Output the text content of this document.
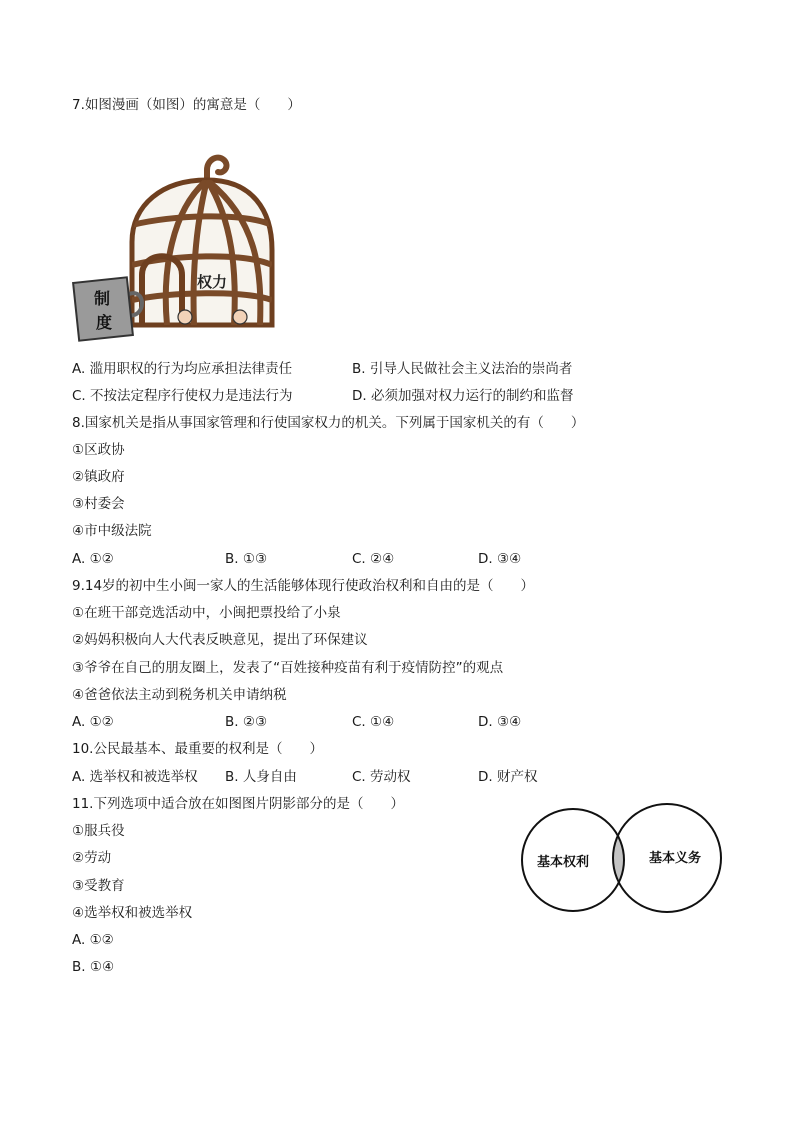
7.如图漫画（如图）的寓意是（　　）
权力
制
度
A. 滥用职权的行为均应承担法律责任	B. 引导人民做社会主义法治的崇尚者
C. 不按法定程序行使权力是违法行为	D. 必须加强对权力运行的制约和监督
8.国家机关是指从事国家管理和行使国家权力的机关。下列属于国家机关的有（　　）
①区政协
②镇政府
③村委会
④市中级法院
A. ①②	B. ①③	C. ②④	D. ③④
9.14岁的初中生小闽一家人的生活能够体现行使政治权利和自由的是（　　）
①在班干部竞选活动中，小闽把票投给了小泉
②妈妈积极向人大代表反映意见，提出了环保建议
③爷爷在自己的朋友圈上，发表了“百姓接种疫苗有利于疫情防控”的观点
④爸爸依法主动到税务机关申请纳税
A. ①②	B. ②③	C. ①④	D. ③④
10.公民最基本、最重要的权利是（　　）
A. 选举权和被选举权 B. 人身自由	C. 劳动权	D. 财产权
11.下列选项中适合放在如图图片阴影部分的是（　　）
①服兵役
②劳动
③受教育
④选举权和被选举权
A. ①②
B. ①④
基本权利	基本义务
